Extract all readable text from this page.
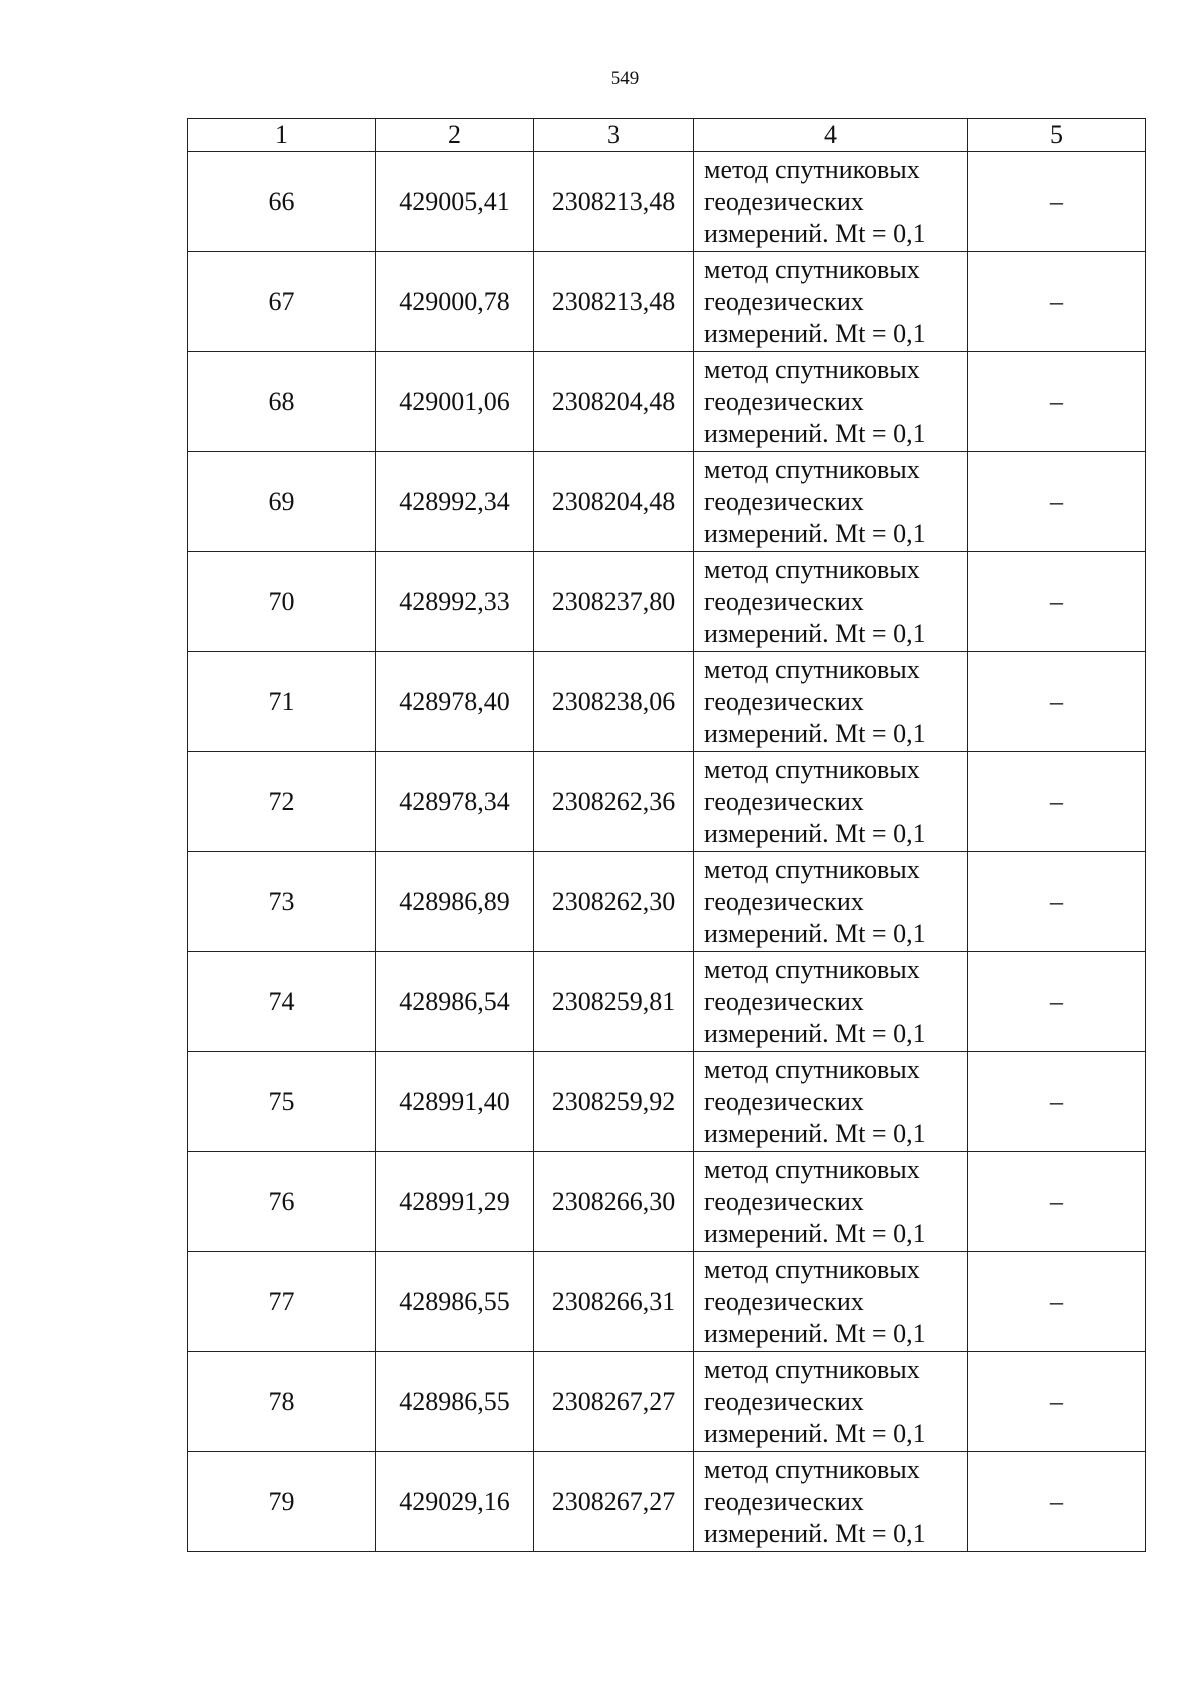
549
1	2	3	4	5
66	429005,41	2308213,48	метод спутниковых
геодезических
измерений. Mt = 0,1	–
67	429000,78	2308213,48	метод спутниковых
геодезических
измерений. Mt = 0,1	–
68	429001,06	2308204,48	метод спутниковых
геодезических
измерений. Mt = 0,1	–
69	428992,34	2308204,48	метод спутниковых
геодезических
измерений. Mt = 0,1	–
70	428992,33	2308237,80	метод спутниковых
геодезических
измерений. Mt = 0,1	–
71	428978,40	2308238,06	метод спутниковых
геодезических
измерений. Mt = 0,1	–
72	428978,34	2308262,36	метод спутниковых
геодезических
измерений. Mt = 0,1	–
73	428986,89	2308262,30	метод спутниковых
геодезических
измерений. Mt = 0,1	–
74	428986,54	2308259,81	метод спутниковых
геодезических
измерений. Mt = 0,1	–
75	428991,40	2308259,92	метод спутниковых
геодезических
измерений. Mt = 0,1	–
76	428991,29	2308266,30	метод спутниковых
геодезических
измерений. Mt = 0,1	–
77	428986,55	2308266,31	метод спутниковых
геодезических
измерений. Mt = 0,1	–
78	428986,55	2308267,27	метод спутниковых
геодезических
измерений. Mt = 0,1	–
79	429029,16	2308267,27	метод спутниковых
геодезических
измерений. Mt = 0,1	–
